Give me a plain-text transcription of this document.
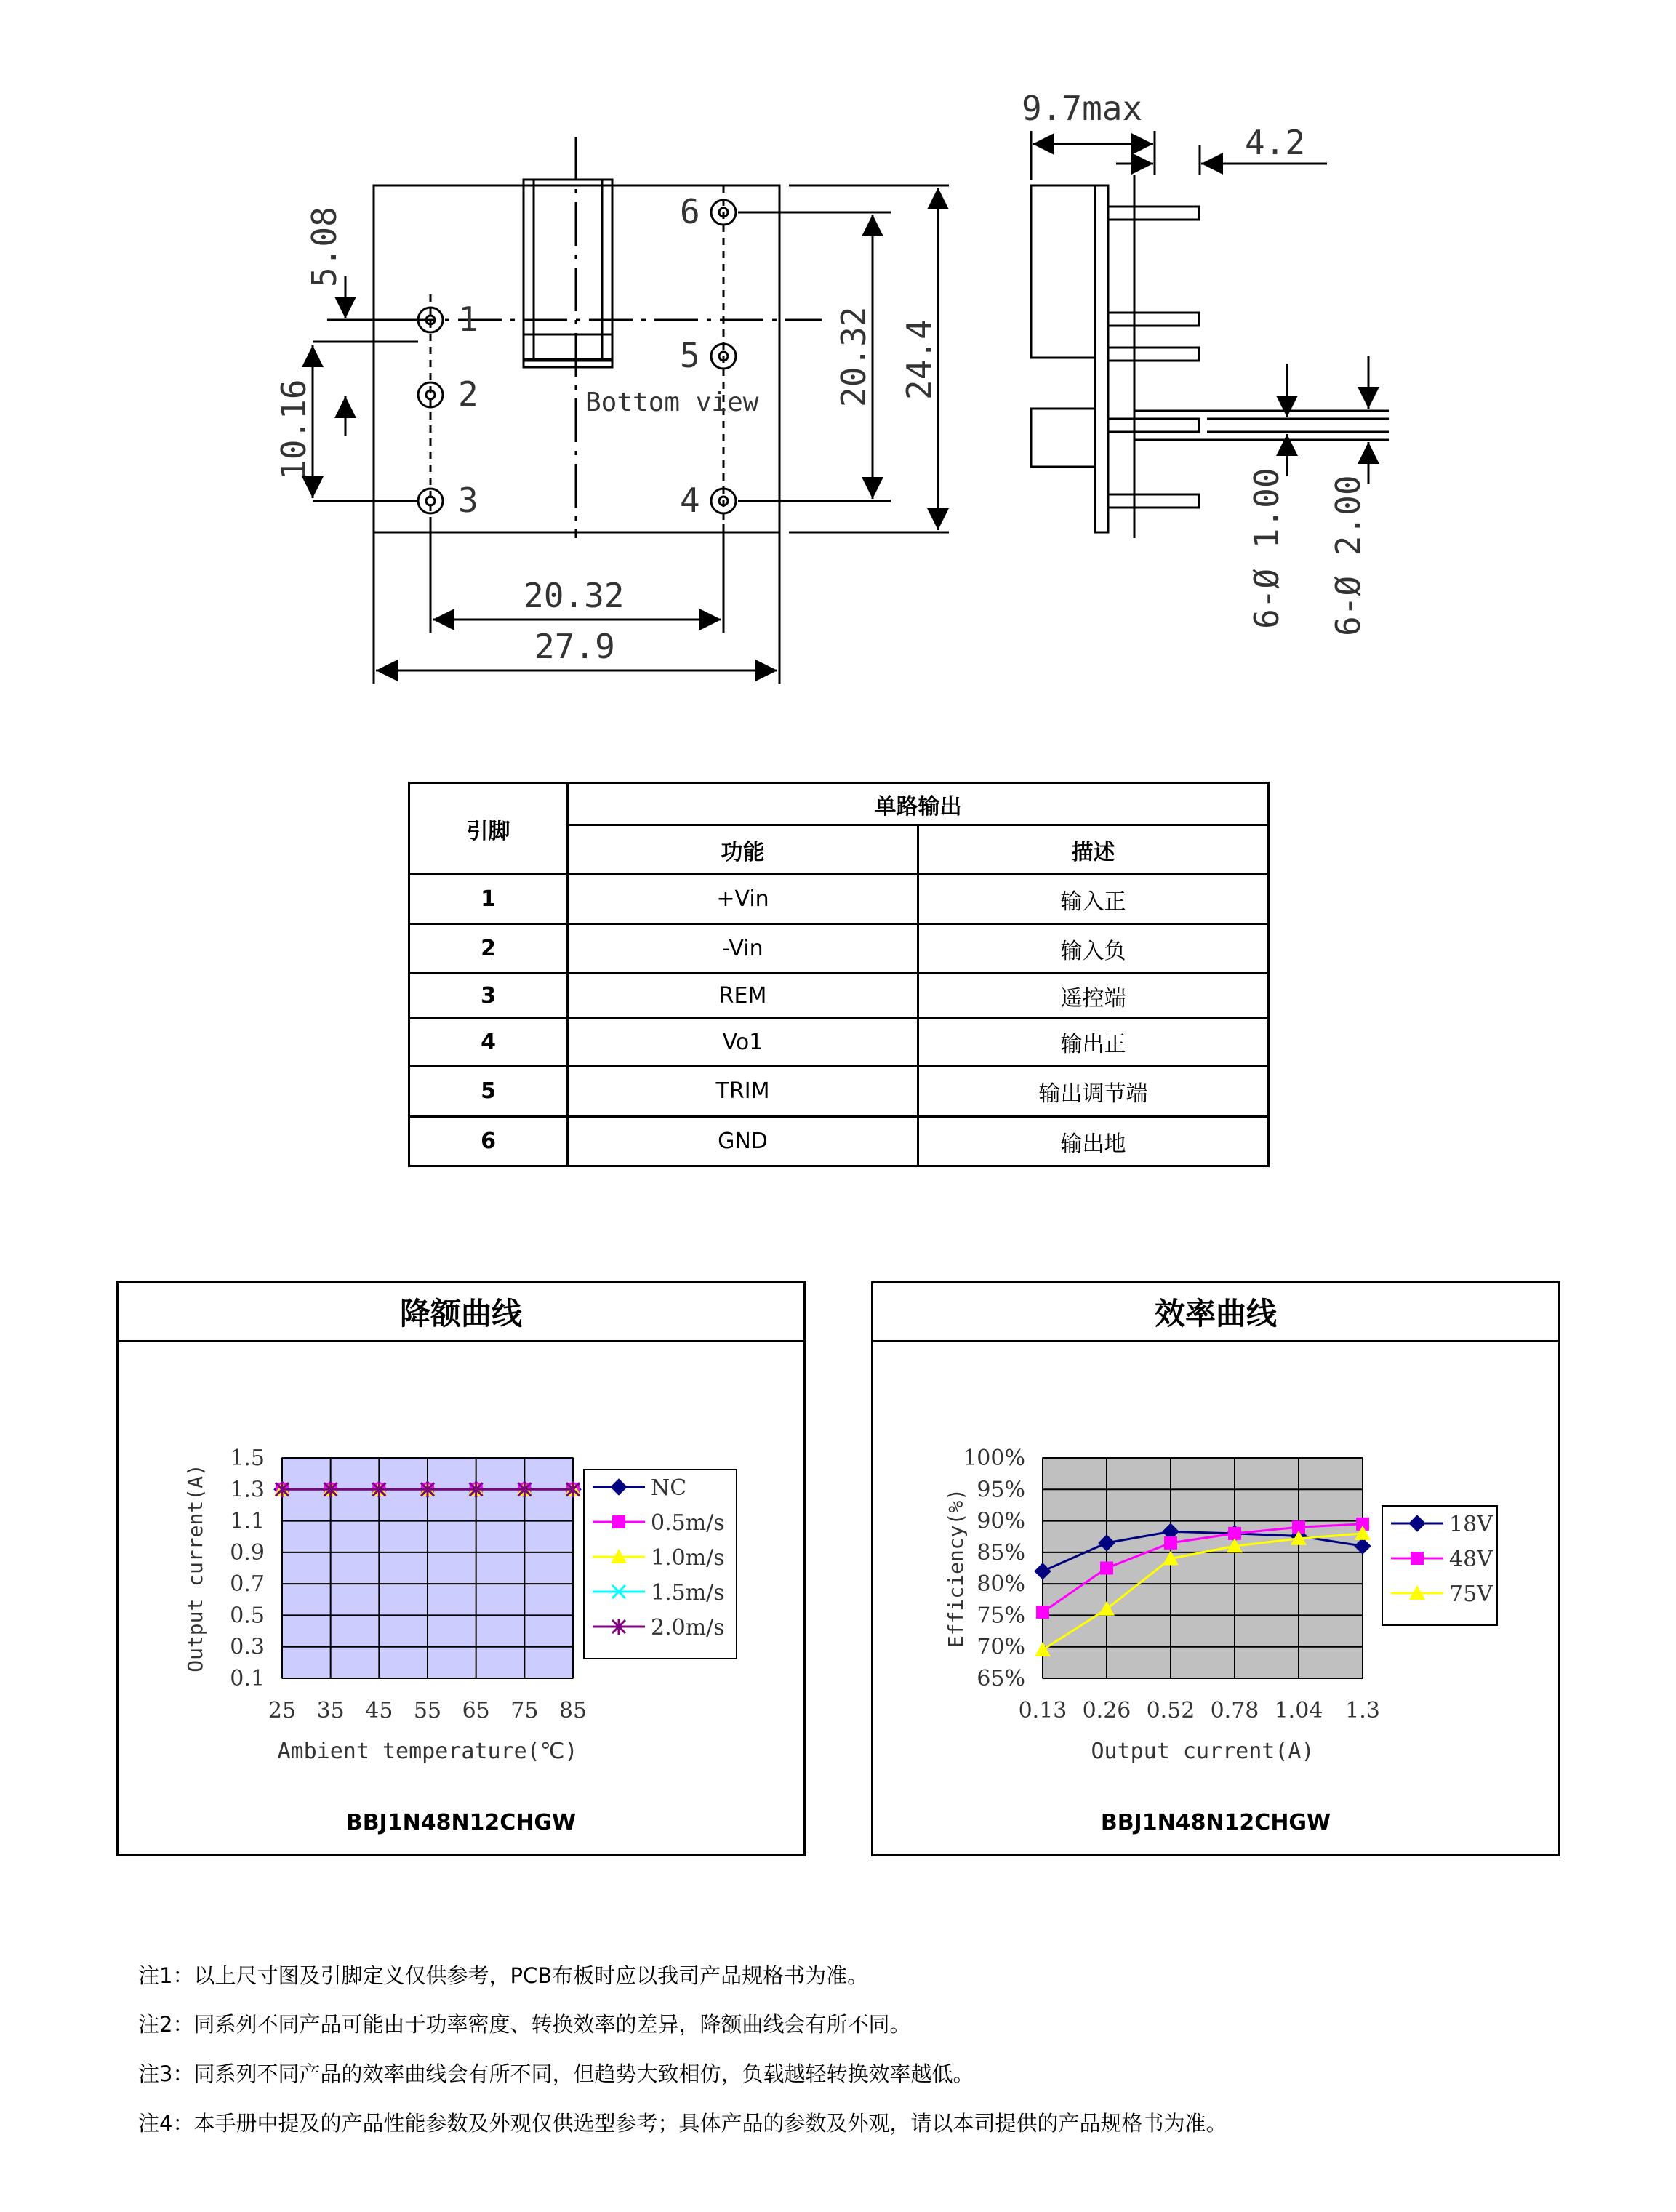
1
2
3	4
5
6
Bottom view
20.32
27.9
9.7max
4.2
5.08
10.16
20.32 24.4
6-Ø 1.00 6-Ø 2.00
引脚	单路输出	
	功能	描述
1	+Vin	输入正
2	-Vin	输入负
3	REM	遥控端
4	Vo1	输出正
5	TRIM	输出调节端
6	GND	输出地
降额曲线
1.5
1.3
1.1
0.9
0.7
0.5
0.3
0.1
25 35 45 55 65 75 85
Ambient temperature(℃)
Output current(A)	NC
0.5m/s
1.0m/s
1.5m/s
2.0m/s
BBJ1N48N12CHGW
效率曲线
100%
95%
90%
85%
80%
75%
70%
65%
0.13 0.26 0.52 0.78 1.04 1.3
Output current(A)
Efficiency(%)	18V
48V
75V
BBJ1N48N12CHGW
注1：以上尺寸图及引脚定义仅供参考，PCB布板时应以我司产品规格书为准。
注2：同系列不同产品可能由于功率密度、转换效率的差异，降额曲线会有所不同。
注3：同系列不同产品的效率曲线会有所不同，但趋势大致相仿，负载越轻转换效率越低。
注4：本手册中提及的产品性能参数及外观仅供选型参考；具体产品的参数及外观，请以本司提供的产品规格书为准。
